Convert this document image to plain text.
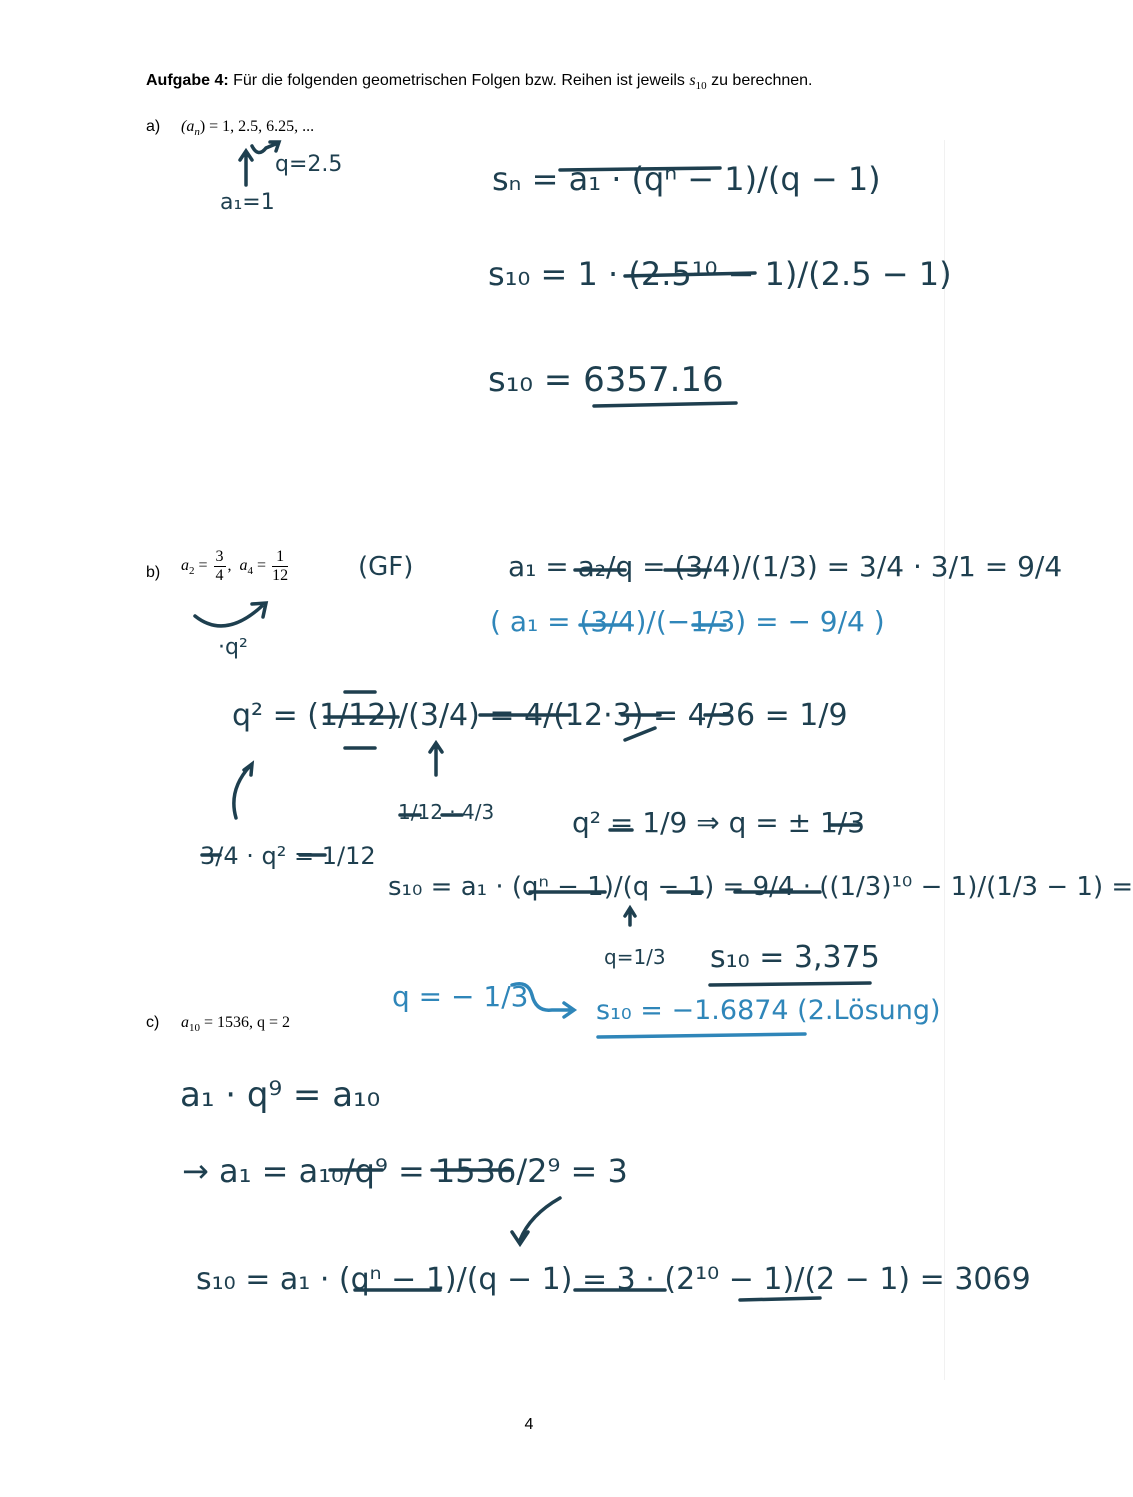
Aufgabe 4: Für die folgenden geometrischen Folgen bzw. Reihen ist jeweils $s_{10}$ zu berechnen.
a) $(a_n) = 1$, 2.5, 6.25, ...
b) $a_2 = \frac{3}{4}$ ,  $a_4 = \frac{1}{12}$
c) $a_{10} = 1536$, q = 2
4
q=2.5
a₁=1
sₙ = a₁ · (qⁿ − 1)/(q − 1)
s₁₀ = 1 · (2.5¹⁰ − 1)/(2.5 − 1)
s₁₀ = 6357.16
(GF)	a₁ = a₂/q = (3/4)/(1/3) = 3/4 · 3/1 = 9/4
( a₁ = (3/4)/(−1/3) = − 9/4 )
·q²
q² = (1/12)/(3/4) = 4/(12·3) = 4/36 = 1/9
1/12 · 4/3
3/4 · q² = 1/12
q² = 1/9 ⇒ q = ± 1/3
s₁₀ = a₁ · (qⁿ − 1)/(q − 1) = 9/4 · ((1/3)¹⁰ − 1)/(1/3 − 1) =
q=1/3 s₁₀ = 3,375
q = − 1/3	s₁₀ = −1.6874 (2.Lösung)
a₁ · q⁹ = a₁₀
→ a₁ = a₁₀/q⁹ = 1536/2⁹ = 3
s₁₀ = a₁ · (qⁿ − 1)/(q − 1) = 3 · (2¹⁰ − 1)/(2 − 1) = 3069
